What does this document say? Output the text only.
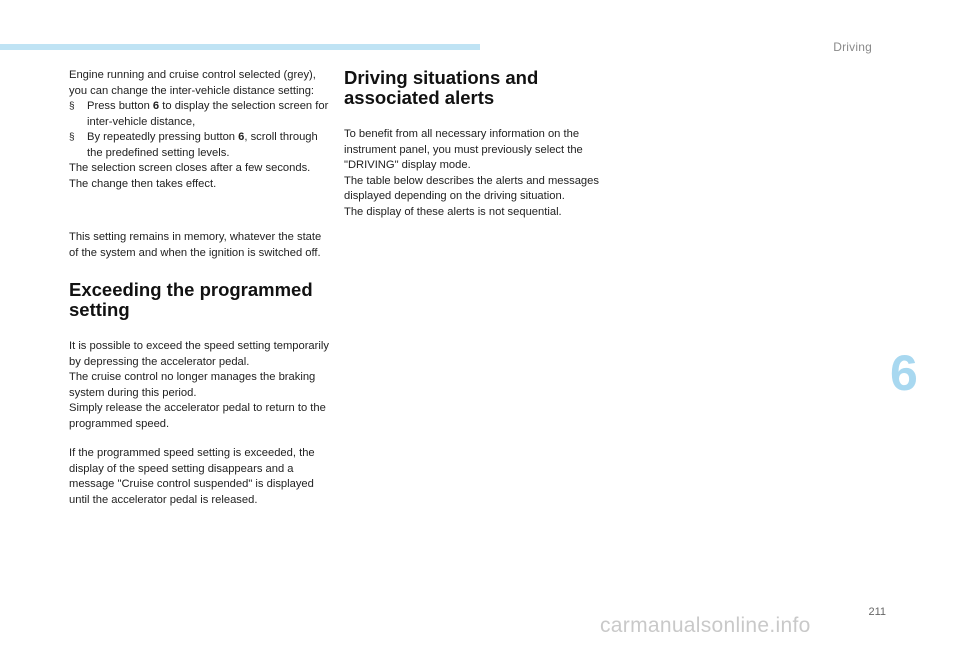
Driving
6

Engine running and cruise control selected (grey), you can change the inter-vehicle distance setting:

§ Press button 6 to display the selection screen for inter-vehicle distance,

§ By repeatedly pressing button 6, scroll through the predefined setting levels.

The selection screen closes after a few seconds.

The change then takes effect.

This setting remains in memory, whatever the state of the system and when the ignition is switched off.

Exceeding the programmed setting

It is possible to exceed the speed setting temporarily by depressing the accelerator pedal.

The cruise control no longer manages the braking system during this period.

Simply release the accelerator pedal to return to the programmed speed.

If the programmed speed setting is exceeded, the display of the speed setting disappears and a message "Cruise control suspended" is displayed until the accelerator pedal is released.

Driving situations and associated alerts

To benefit from all necessary information on the instrument panel, you must previously select the "DRIVING" display mode.

The table below describes the alerts and messages displayed depending on the driving situation.

The display of these alerts is not sequential.

211
carmanualsonline.info
